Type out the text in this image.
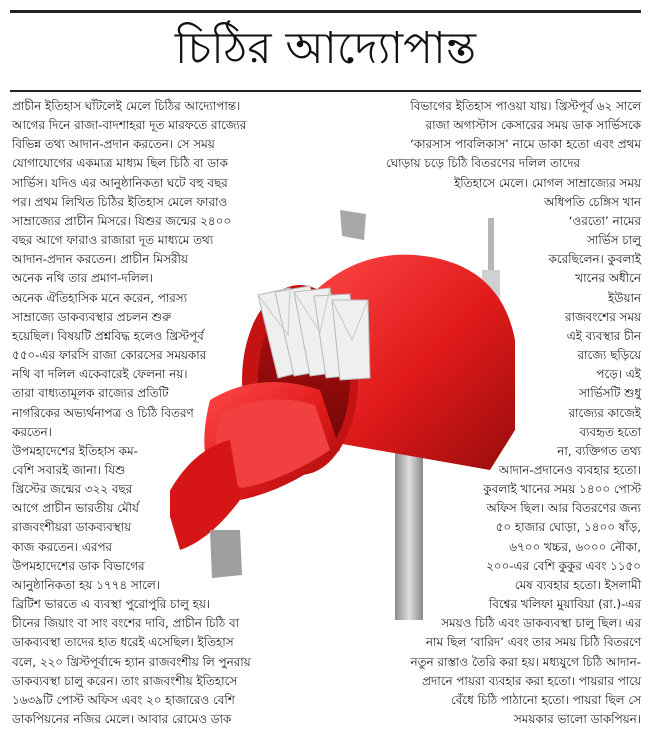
চিঠির আদ্যোপান্ত
প্রাচীন ইতিহাস ঘাঁটলেই মেলে চিঠির আদ্যোপান্ত।
আগের দিনে রাজা-বাদশাহরা দূত মারফতে রাজ্যের
বিভিন্ন তথ্য আদান-প্রদান করতেন। সে সময়
যোগাযোগের একমাত্র মাধ্যম ছিল চিঠি বা ডাক
সার্ভিস। যদিও এর আনুষ্ঠানিকতা ঘটে বহু বছর
পর। প্রথম লিখিত চিঠির ইতিহাস মেলে ফারাও
সাম্রাজ্যের প্রাচীন মিসরে। যিশুর জন্মের ২৪০০
বছর আগে ফারাও রাজারা দূত মাধ্যমে তথ্য
আদান-প্রদান করতেন। প্রাচীন মিসরীয়
অনেক নথি তার প্রমাণ-দলিল।
অনেক ঐতিহাসিক মনে করেন, পারস্য
সাম্রাজ্যে ডাকব্যবস্থার প্রচলন শুরু
হয়েছিল। বিষয়টি প্রশ্নবিদ্ধ হলেও খ্রিস্টপূর্ব
৫৫০-এর ফারসি রাজা কোরসের সময়কার
নথি বা দলিল একেবারেই ফেলনা নয়।
তারা বাধ্যতামূলক রাজ্যের প্রতিটি
নাগরিকের অভ্যর্থনাপত্র ও চিঠি বিতরণ
করতেন।
উপমহাদেশের ইতিহাস কম-
বেশি সবারই জানা। যিশু
খ্রিস্টের জন্মের ৩২২ বছর
আগে প্রাচীন ভারতীয় মৌর্য
রাজবংশীয়রা ডাকব্যবস্থায়
কাজ করতেন। এরপর
উপমহাদেশের ডাক বিভাগের
আনুষ্ঠানিকতা হয় ১৭৭৪ সালে।
ব্রিটিশ ভারতে এ ব্যবস্থা পুরোপুরি চালু হয়।
চীনের জিয়াং বা সাং বংশের দাবি, প্রাচীন চিঠি বা
ডাকব্যবস্থা তাদের হাত ধরেই এসেছিল। ইতিহাস
বলে, ২২০ খ্রিস্টপূর্বাব্দে হ্যান রাজবংশীয় লি পুনরায়
ডাকব্যবস্থা চালু করেন। তাং রাজবংশীয় ইতিহাসে
১৬৩৯টি পোস্ট অফিস এবং ২০ হাজারেও বেশি
ডাকপিয়নের নজির মেলে। আবার রোমেও ডাক
বিভাগের ইতিহাস পাওয়া যায়। খ্রিস্টপূর্ব ৬২ সালে
রাজা অগাস্টাস কেসারের সময় ডাক সার্ভিসকে
‘কারসাস পাবলিকাস’ নামে ডাকা হতো এবং প্রথম
ঘোড়ায় চড়ে চিঠি বিতরণের দলিল তাদের
ইতিহাসে মেলে। মোগল সাম্রাজ্যের সময়
অধিপতি চেঙ্গিস খান
‘ওরতো’ নামের
সার্ভিস চালু
করেছিলেন। কুবলাই
খানের অধীনে
ইউয়ান
রাজবংশের সময়
এই ব্যবস্থার চীন
রাজ্যে ছড়িয়ে
পড়ে। এই
সার্ভিসটি শুধু
রাজ্যের কাজেই
ব্যবহৃত হতো
না, ব্যক্তিগত তথ্য
আদান-প্রদানেও ব্যবহার হতো।
কুবলাই খানের সময় ১৪০০ পোস্ট
অফিস ছিল। আর বিতরণের জন্য
৫০ হাজার ঘোড়া, ১৪০০ ষাঁড়,
৬৭০০ খচ্চর, ৬০০০ নৌকা,
২০০-এর বেশি কুকুর এবং ১১৫০
মেষ ব্যবহার হতো। ইসলামী
বিশ্বের খলিফা মুয়াবিয়া (রা.)-এর
সময়ও চিঠি এবং ডাকব্যবস্থা চালু ছিল। এর
নাম ছিল ‘বারিদ’ এবং তার সময় চিঠি বিতরণে
নতুন রাস্তাও তৈরি করা হয়। মধ্যযুগে চিঠি আদান-
প্রদানে পায়রা ব্যবহার করা হতো। পায়রার পায়ে
বেঁধে চিঠি পাঠানো হতো। পায়রা ছিল সে
সময়কার ভালো ডাকপিয়ন।
